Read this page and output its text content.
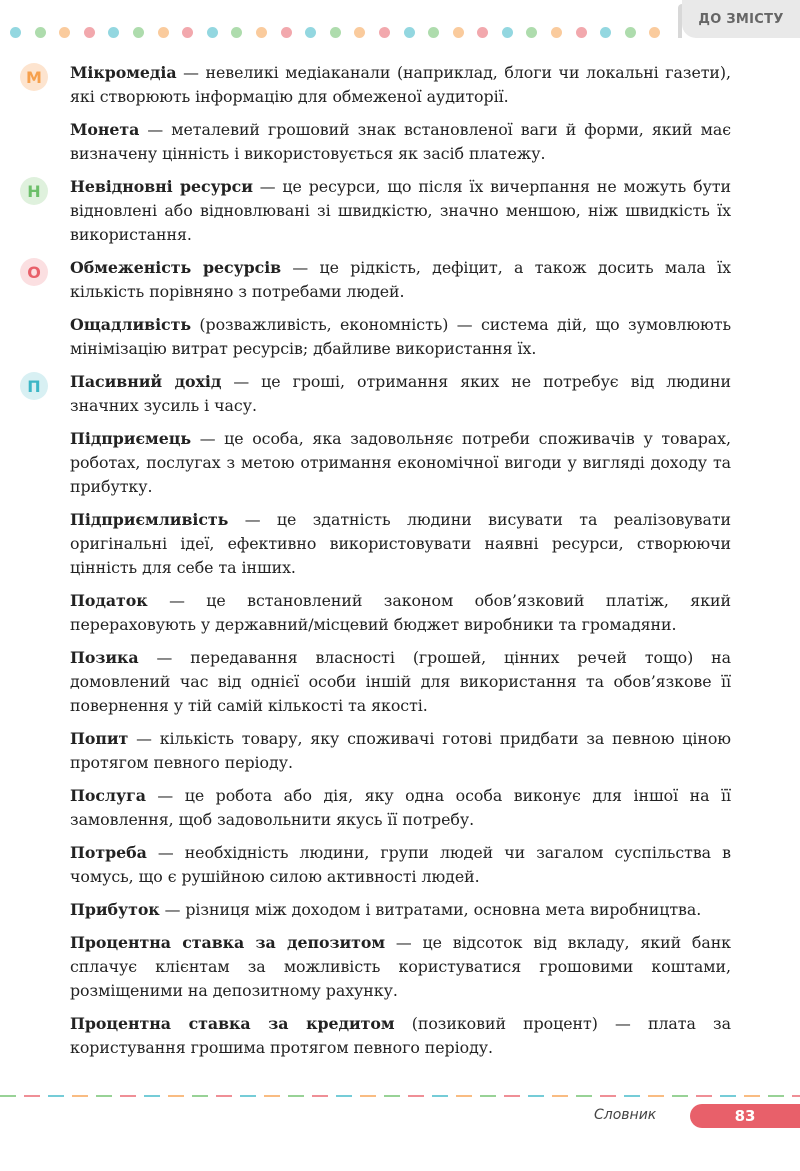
ДО ЗМІСТУ
М	Мікромедіа — невеликі медіаканали (наприклад, блоги чи локальні газети), які створюють інформацію для обмеженої аудиторії.

Монета — металевий грошовий знак встановленої ваги й форми, який має визначену цінність і використовується як засіб платежу.

Н	Невідновні ресурси — це ресурси, що після їх вичерпання не можуть бути відновлені або відновлювані зі швидкістю, значно меншою, ніж швидкість їх використання.

О	Обмеженість ресурсів — це рідкість, дефіцит, а також досить мала їх кількість порівняно з потребами людей.

Ощадливість (розважливість, економність) — система дій, що зумовлюють мінімізацію витрат ресурсів; дбайливе використання їх.

П	Пасивний дохід — це гроші, отримання яких не потребує від людини значних зусиль і часу.

Підприємець — це особа, яка задовольняє потреби споживачів у товарах, роботах, послугах з метою отримання економічної вигоди у вигляді доходу та прибутку.

Підприємливість — це здатність людини висувати та реалізовувати оригінальні ідеї, ефективно використовувати наявні ресурси, створюючи цінність для себе та інших.

Податок — це встановлений законом обов’язковий платіж, який перераховують у державний/місцевий бюджет виробники та громадяни.

Позика — передавання власності (грошей, цінних речей тощо) на домовлений час від однієї особи іншій для використання та обов’язкове її повернення у тій самій кількості та якості.

Попит — кількість товару, яку споживачі готові придбати за певною ціною протягом певного періоду.

Послуга — це робота або дія, яку одна особа виконує для іншої на її замовлення, щоб задовольнити якусь її потребу.

Потреба — необхідність людини, групи людей чи загалом суспільства в чомусь, що є рушійною силою активності людей.

Прибуток — різниця між доходом і витратами, основна мета виробництва.

Процентна ставка за депозитом — це відсоток від вкладу, який банк сплачує клієнтам за можливість користуватися грошовими коштами, розміщеними на депозитному рахунку.

Процентна ставка за кредитом (позиковий процент) — плата за користування грошима протягом певного періоду.

Словник	83
